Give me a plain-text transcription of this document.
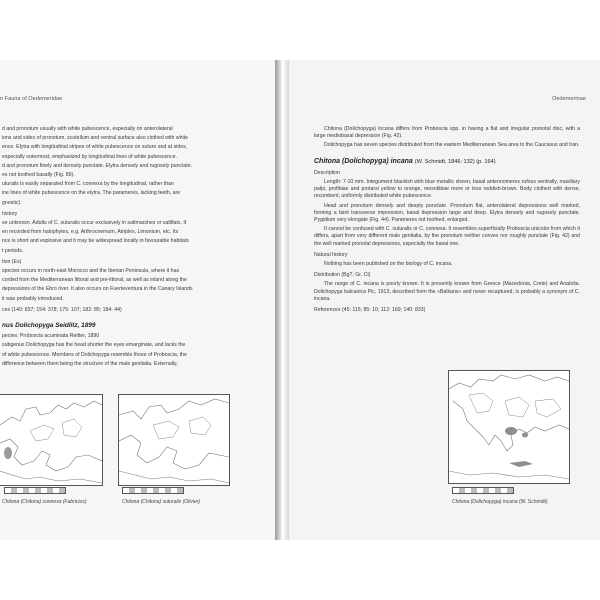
n Fauna of Oedemeridae	Oedemerinae

d and pronotum usually with white pubescence, especially on anterolateral

ions and sides of pronotum, scutellum and ventral surface also clothed with white

ence. Elytra with longitudinal stripes of white pubescence on suture and at sides,

especially outermost, emphasized by longitudinal lines of white pubescence.

d and pronotum finely and densely punctate. Elytra densely and rugosely punctate.

es not toothed basally (Fig. 89).

uturalis is easily separated from C. connexa by the longitudinal, rather than

ine lines of white pubescence on the elytra. The parameres, lacking teeth, are

gnostic).

history

se unknown. Adults of C. suturalis occur exclusively in saltmarshes or saltflats. It

en recorded from halophytes, e.g. Arthrocnemum, Atriplex, Limonium, etc. Its

nce is short and explosive and it may be widespread locally in favourable habitats

t periods.

tion (Es)

species occurs in north-east Morocco and the Iberian Peninsula, where it has

corded from the Mediterranean littoral and pre-littoral, as well as inland along the

depressions of the Ebro river. It also occurs on Fuerteventura in the Canary Islands

it was probably introduced.

ces (140: 837; 154: 378; 175: 107; 182: 85; 184: 44)

nus Dolichopyga Seidlitz, 1899

pecies: Proboscia acuminata Reitter, 1890

subgenus Dolichopyga has the head shorter the eyes emarginate, and lacks the

of white pubescence. Members of Dolichopyga resemble those of Proboscia, the

difference between them being the structure of the male genitalia. Externally,

Chitona (Chitona) connexa (Fabricius)	Chitona (Chitona) suturalis (Olivier)

Chitona (Dolichopyga) incana differs from Proboscia spp. in having a flat and irregular pronotal disc, with a large mediobasal depression (Fig. 42).

Dolichopyga has seven species distributed from the eastern Mediterranean Sea area to the Caucasus and Iran.

Chitona (Dolichopyga) incana (W. Schmidt, 1846: 132) (p. 164)

Description

Length: 7-10 mm. Integument blackish with blue metallic sheen, basal antennomeres rufous ventrally, maxillary palpi, profibiae and protarsi yellow to orange, mesotibiae more or less reddish-brown. Body clothed with dense, recumbent, uniformly distributed white pubescence.

Head and pronotum densely and deeply punctate. Pronotum flat, anterolateral depressions well marked, forming a faint transverse impression, basal depression large and deep. Elytra densely and rugosely punctate. Pygidium very elongate (Fig. 44). Parameres not toothed, enlarged.

It cannot be confused with C. suturalis or C. connexa. It resembles superficially Proboscia unicolor from which it differs, apart from very different male genitalia, by the pronotum neither convex nor roughly punctate (Fig. 42) and the well marked pronotal depressions, especially the basal one.

Natural history

Nothing has been published on the biology of C. incana.

Distribution (Bg?, Gr, Ct)

The range of C. incana is poorly known. It is presently known from Greece (Macedonia, Crete) and Anatolia. Dolichopyga balcanica Pic, 1913, described form the «Balkans» and never recaptured, is probably a synonym of C. incana.

References (45: 115; 85: 10; 112: 169; 140: 833)

Chitona (Dolichopyga) incana (W. Schmidt)
